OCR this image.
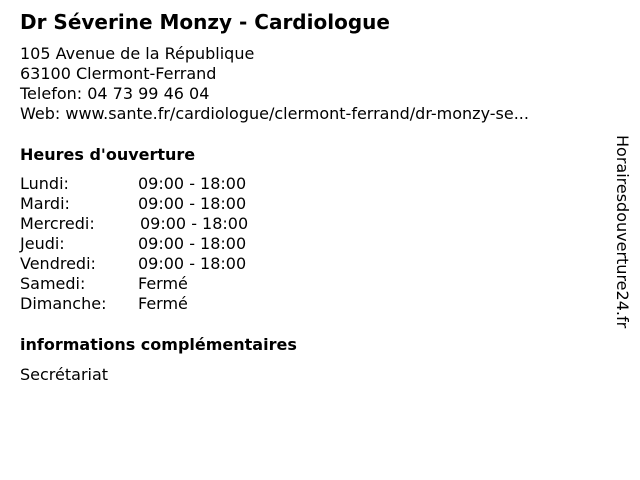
Dr Séverine Monzy - Cardiologue
105 Avenue de la République
63100 Clermont-Ferrand
Telefon: 04 73 99 46 04
Web: www.sante.fr/cardiologue/clermont-ferrand/dr-monzy-se...
Heures d'ouverture
Lundi:	09:00 - 18:00
Mardi:	09:00 - 18:00
Mercredi:	09:00 - 18:00
Jeudi:	09:00 - 18:00
Vendredi:	09:00 - 18:00
Samedi:	Fermé
Dimanche: Fermé
informations complémentaires
Secrétariat
Horairesdouverture24.fr
